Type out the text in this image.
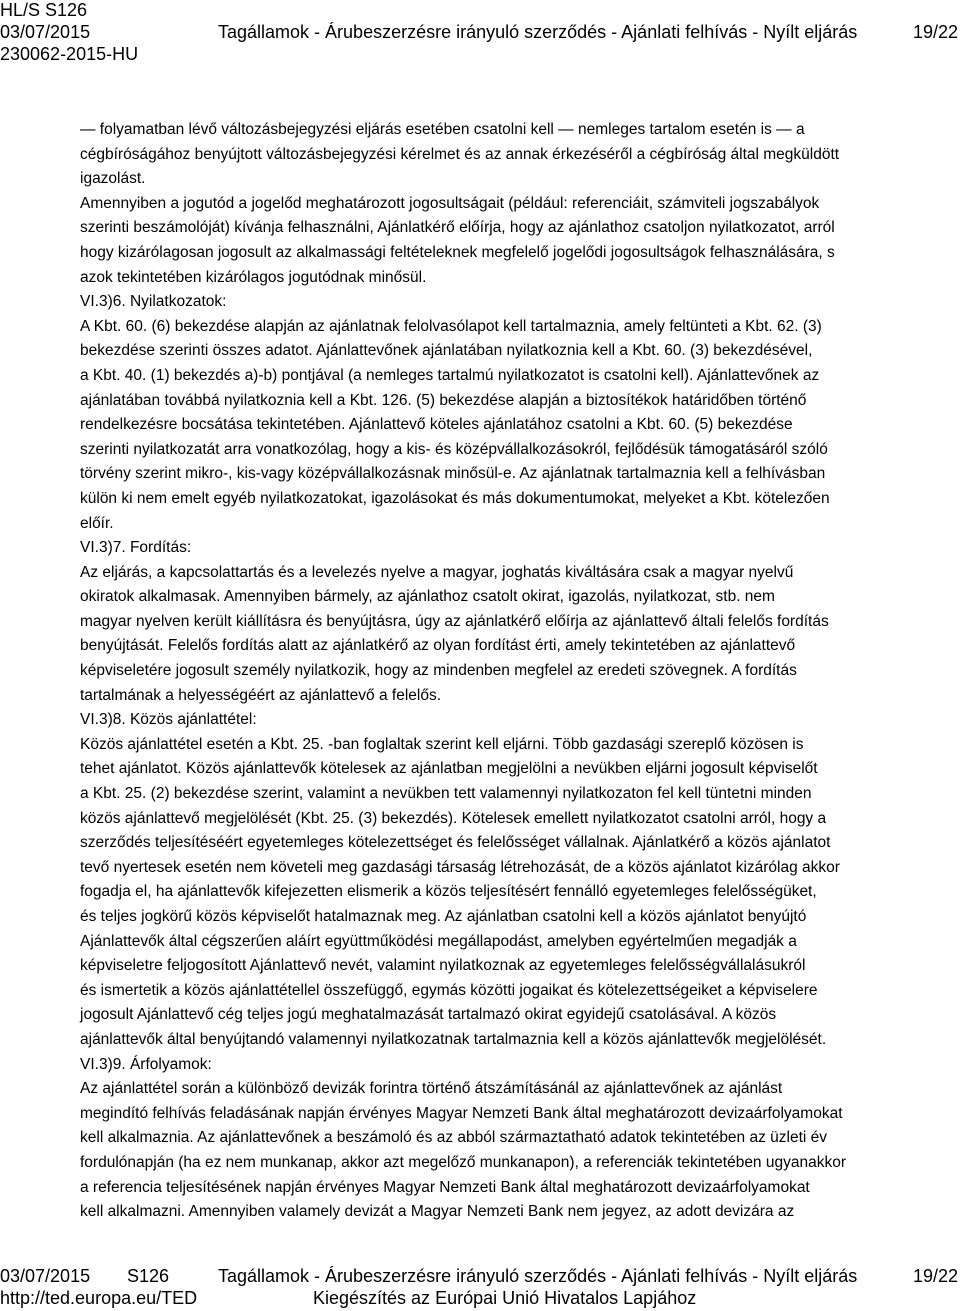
HL/S S126
03/07/2015	Tagállamok - Árubeszerzésre irányuló szerződés - Ajánlati felhívás - Nyílt eljárás	19/22
230062-2015-HU

— folyamatban lévő változásbejegyzési eljárás esetében csatolni kell — nemleges tartalom esetén is — a
cégbíróságához benyújtott változásbejegyzési kérelmet és az annak érkezéséről a cégbíróság által megküldött
igazolást.

Amennyiben a jogutód a jogelőd meghatározott jogosultságait (például: referenciáit, számviteli jogszabályok
szerinti beszámolóját) kívánja felhasználni, Ajánlatkérő előírja, hogy az ajánlathoz csatoljon nyilatkozatot, arról
hogy kizárólagosan jogosult az alkalmassági feltételeknek megfelelő jogelődi jogosultságok felhasználására, s
azok tekintetében kizárólagos jogutódnak minősül.

VI.3)6. Nyilatkozatok:

A Kbt. 60. (6) bekezdése alapján az ajánlatnak felolvasólapot kell tartalmaznia, amely feltünteti a Kbt. 62. (3)
bekezdése szerinti összes adatot. Ajánlattevőnek ajánlatában nyilatkoznia kell a Kbt. 60. (3) bekezdésével,
a Kbt. 40. (1) bekezdés a)-b) pontjával (a nemleges tartalmú nyilatkozatot is csatolni kell). Ajánlattevőnek az
ajánlatában továbbá nyilatkoznia kell a Kbt. 126. (5) bekezdése alapján a biztosítékok határidőben történő
rendelkezésre bocsátása tekintetében. Ajánlattevő köteles ajánlatához csatolni a Kbt. 60. (5) bekezdése
szerinti nyilatkozatát arra vonatkozólag, hogy a kis- és középvállalkozásokról, fejlődésük támogatásáról szóló
törvény szerint mikro-, kis-vagy középvállalkozásnak minősül-e. Az ajánlatnak tartalmaznia kell a felhívásban
külön ki nem emelt egyéb nyilatkozatokat, igazolásokat és más dokumentumokat, melyeket a Kbt. kötelezően
előír.

VI.3)7. Fordítás:

Az eljárás, a kapcsolattartás és a levelezés nyelve a magyar, joghatás kiváltására csak a magyar nyelvű
okiratok alkalmasak. Amennyiben bármely, az ajánlathoz csatolt okirat, igazolás, nyilatkozat, stb. nem
magyar nyelven került kiállításra és benyújtásra, úgy az ajánlatkérő előírja az ajánlattevő általi felelős fordítás
benyújtását. Felelős fordítás alatt az ajánlatkérő az olyan fordítást érti, amely tekintetében az ajánlattevő
képviseletére jogosult személy nyilatkozik, hogy az mindenben megfelel az eredeti szövegnek. A fordítás
tartalmának a helyességéért az ajánlattevő a felelős.

VI.3)8. Közös ajánlattétel:

Közös ajánlattétel esetén a Kbt. 25. -ban foglaltak szerint kell eljárni. Több gazdasági szereplő közösen is
tehet ajánlatot. Közös ajánlattevők kötelesek az ajánlatban megjelölni a nevükben eljárni jogosult képviselőt
a Kbt. 25. (2) bekezdése szerint, valamint a nevükben tett valamennyi nyilatkozaton fel kell tüntetni minden
közös ajánlattevő megjelölését (Kbt. 25. (3) bekezdés). Kötelesek emellett nyilatkozatot csatolni arról, hogy a
szerződés teljesítéséért egyetemleges kötelezettséget és felelősséget vállalnak. Ajánlatkérő a közös ajánlatot
tevő nyertesek esetén nem követeli meg gazdasági társaság létrehozását, de a közös ajánlatot kizárólag akkor
fogadja el, ha ajánlattevők kifejezetten elismerik a közös teljesítésért fennálló egyetemleges felelősségüket,
és teljes jogkörű közös képviselőt hatalmaznak meg. Az ajánlatban csatolni kell a közös ajánlatot benyújtó
Ajánlattevők által cégszerűen aláírt együttműködési megállapodást, amelyben egyértelműen megadják a
képviseletre feljogosított Ajánlattevő nevét, valamint nyilatkoznak az egyetemleges felelősségvállalásukról
és ismertetik a közös ajánlattétellel összefüggő, egymás közötti jogaikat és kötelezettségeiket a képviselere
jogosult Ajánlattevő cég teljes jogú meghatalmazását tartalmazó okirat egyidejű csatolásával. A közös
ajánlattevők által benyújtandó valamennyi nyilatkozatnak tartalmaznia kell a közös ajánlattevők megjelölését.

VI.3)9. Árfolyamok:

Az ajánlattétel során a különböző devizák forintra történő átszámításánál az ajánlattevőnek az ajánlást
megindító felhívás feladásának napján érvényes Magyar Nemzeti Bank által meghatározott devizaárfolyamokat
kell alkalmaznia. Az ajánlattevőnek a beszámoló és az abból származtatható adatok tekintetében az üzleti év
fordulónapján (ha ez nem munkanap, akkor azt megelőző munkanapon), a referenciák tekintetében ugyanakkor
a referencia teljesítésének napján érvényes Magyar Nemzeti Bank által meghatározott devizaárfolyamokat
kell alkalmazni. Amennyiben valamely devizát a Magyar Nemzeti Bank nem jegyez, az adott devizára az

03/07/2015 S126	Tagállamok - Árubeszerzésre irányuló szerződés - Ajánlati felhívás - Nyílt eljárás	19/22
http://ted.europa.eu/TED	Kiegészítés az Európai Unió Hivatalos Lapjához
